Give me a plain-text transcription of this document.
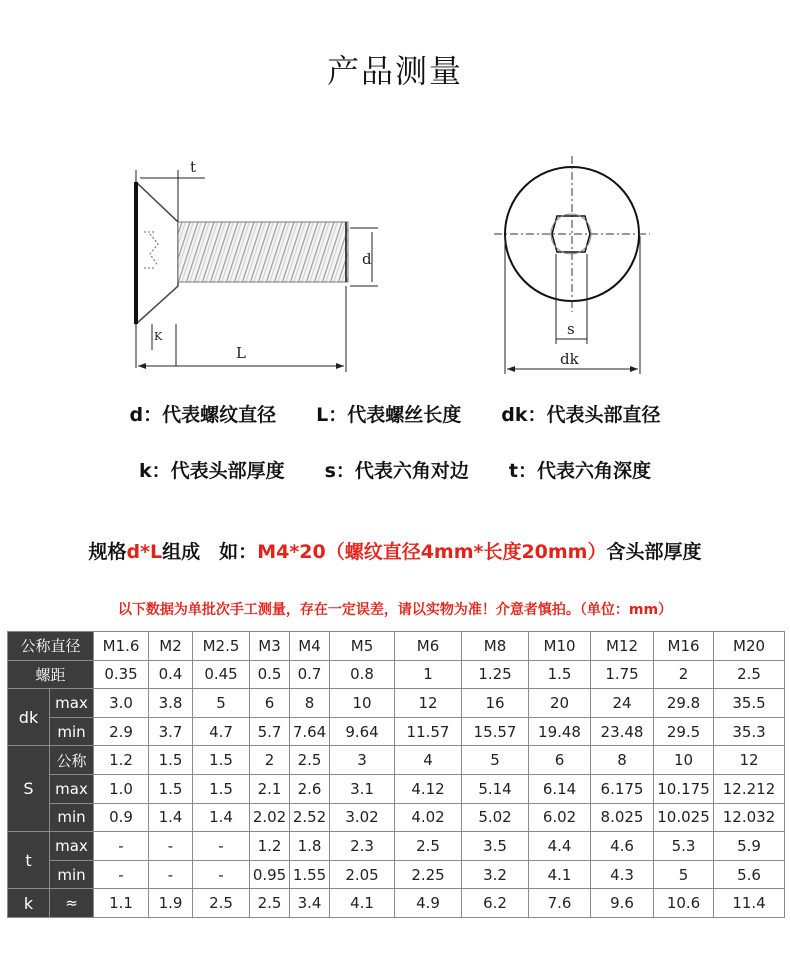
产品测量
t
d
K
L
s
dk
d：代表螺纹直径 L：代表螺丝长度 dk：代表头部直径
k：代表头部厚度 s：代表六角对边 t：代表六角深度
规格d*L组成　如：M4*20（螺纹直径4mm*长度20mm）含头部厚度
以下数据为单批次手工测量，存在一定误差，请以实物为准！介意者慎拍。（单位：mm）
公称直径		M1.6	M2	M2.5	M3	M4	M5	M6	M8	M10	M12	M16	M20
螺距		0.35	0.4	0.45	0.5	0.7	0.8	1	1.25	1.5	1.75	2	2.5
dk	max	3.0	3.8	5	6	8	10	12	16	20	24	29.8	35.5
	min	2.9	3.7	4.7	5.7	7.64	9.64	11.57	15.57	19.48	23.48	29.5	35.3
S	公称	1.2	1.5	1.5	2	2.5	3	4	5	6	8	10	12
	max	1.0	1.5	1.5	2.1	2.6	3.1	4.12	5.14	6.14	6.175	10.175	12.212
	min	0.9	1.4	1.4	2.02	2.52	3.02	4.02	5.02	6.02	8.025	10.025	12.032
t	max	-	-	-	1.2	1.8	2.3	2.5	3.5	4.4	4.6	5.3	5.9
	min	-	-	-	0.95	1.55	2.05	2.25	3.2	4.1	4.3	5	5.6
k	≈	1.1	1.9	2.5	2.5	3.4	4.1	4.9	6.2	7.6	9.6	10.6	11.4
